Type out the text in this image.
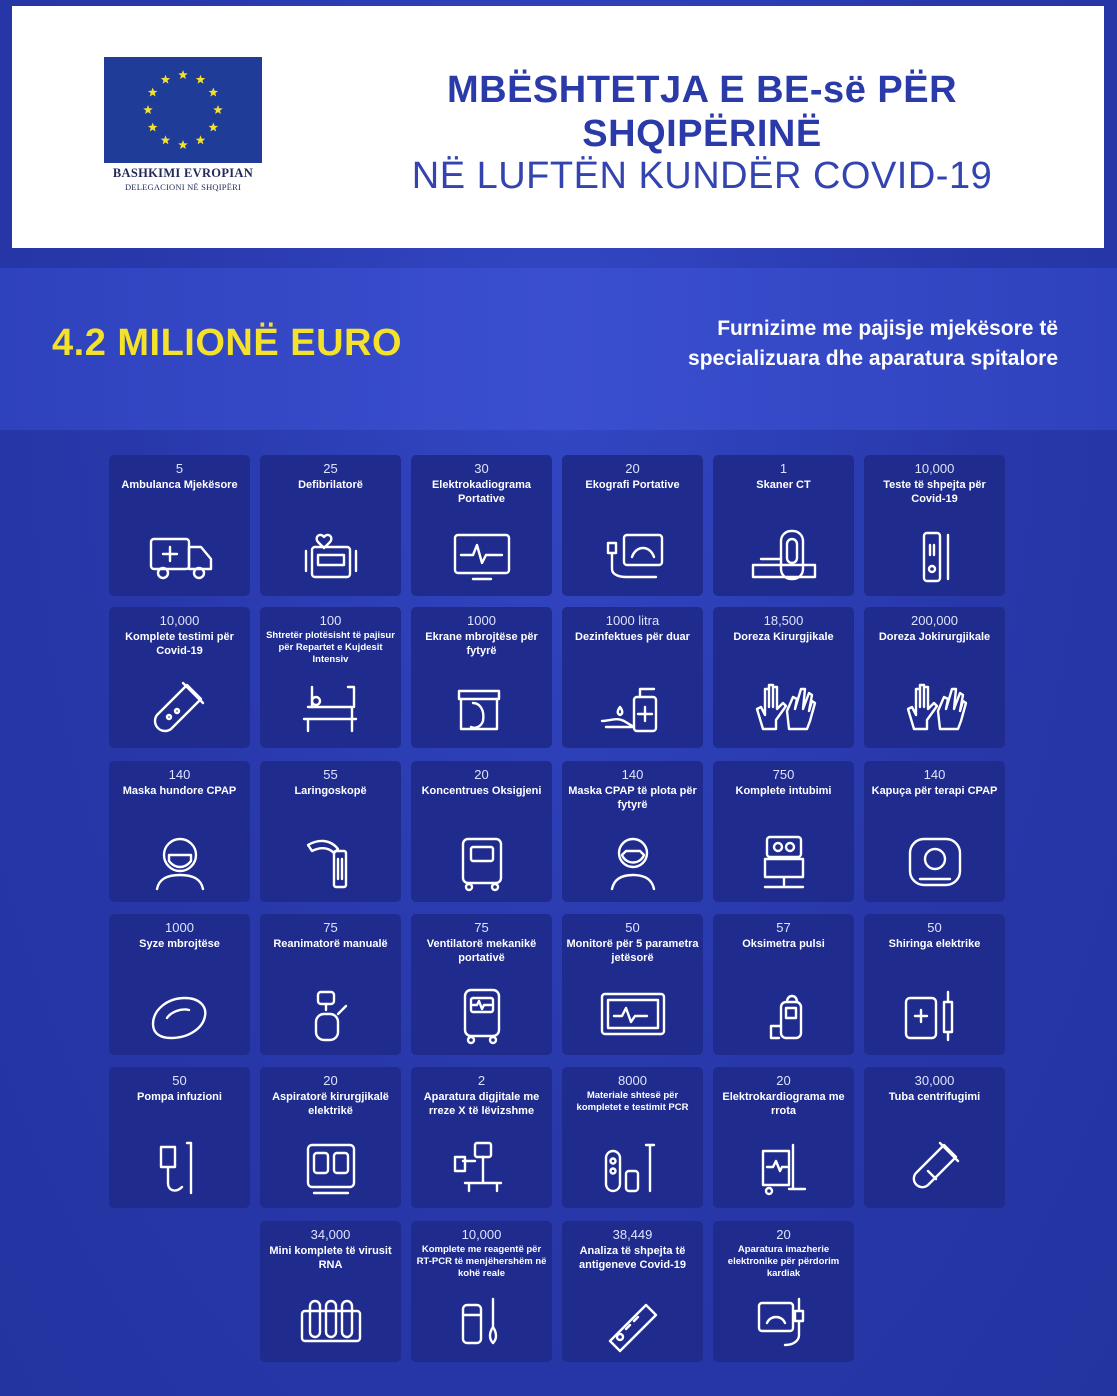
BASHKIMI EVROPIAN
DELEGACIONI NË SHQIPËRI
MBËSHTETJA E BE-së PËR
SHQIPËRINË
NË LUFTËN KUNDËR COVID-19
4.2 MILIONË EURO	Furnizime me pajisje mjekësore të
specializuara dhe aparatura spitalore
5
Ambulanca Mjekësore
25
Defibrilatorë
30
Elektrokadiograma Portative
20
Ekografi Portative
1
Skaner CT
10,000
Teste të shpejta për Covid-19
10,000
Komplete testimi për Covid-19
100
Shtretër plotësisht të pajisur për Repartet e Kujdesit Intensiv
1000
Ekrane mbrojtëse për fytyrë
1000 litra
Dezinfektues për duar
18,500
Doreza Kirurgjikale
200,000
Doreza Jokirurgjikale
140
Maska hundore CPAP
55
Laringoskopë
20
Koncentrues Oksigjeni
140
Maska CPAP të plota për fytyrë
750
Komplete intubimi
140
Kapuça për terapi CPAP
1000
Syze mbrojtëse
75
Reanimatorë manualë
75
Ventilatorë mekanikë portativë
50
Monitorë për 5 parametra jetësorë
57
Oksimetra pulsi
50
Shiringa elektrike
50
Pompa infuzioni
20
Aspiratorë kirurgjikalë elektrikë
2
Aparatura digjitale me rreze X të lëvizshme
8000
Materiale shtesë për kompletet e testimit PCR
20
Elektrokardiograma me rrota
30,000
Tuba centrifugimi
34,000
Mini komplete të virusit RNA
10,000
Komplete me reagentë për RT-PCR të menjëhershëm në kohë reale
38,449
Analiza të shpejta të antigeneve Covid-19
20
Aparatura imazherie elektronike për përdorim kardiak
